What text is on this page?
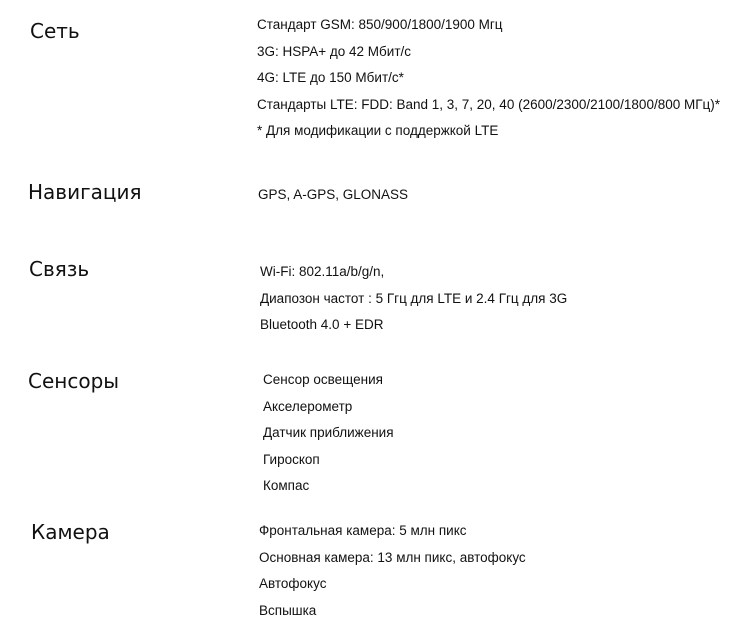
Сеть	Стандарт GSM: 850/900/1800/1900 Мгц
3G: HSPA+ до 42 Мбит/с
4G: LTE до 150 Мбит/с*
Стандарты LTE: FDD: Band 1, 3, 7, 20, 40 (2600/2300/2100/1800/800 МГц)*
* Для модификации с поддержкой LTE
Навигация	GPS, A-GPS, GLONASS
Связь	Wi-Fi: 802.11a/b/g/n,
Диапозон частот : 5 Ггц для LTE и 2.4 Ггц для 3G
Bluetooth 4.0 + EDR
Сенсоры	Сенсор освещения
Акселерометр
Датчик приближения
Гироскоп
Компас
Камера	Фронтальная камера: 5 млн пикс
Основная камера: 13 млн пикс, автофокус
Автофокус
Вспышка
